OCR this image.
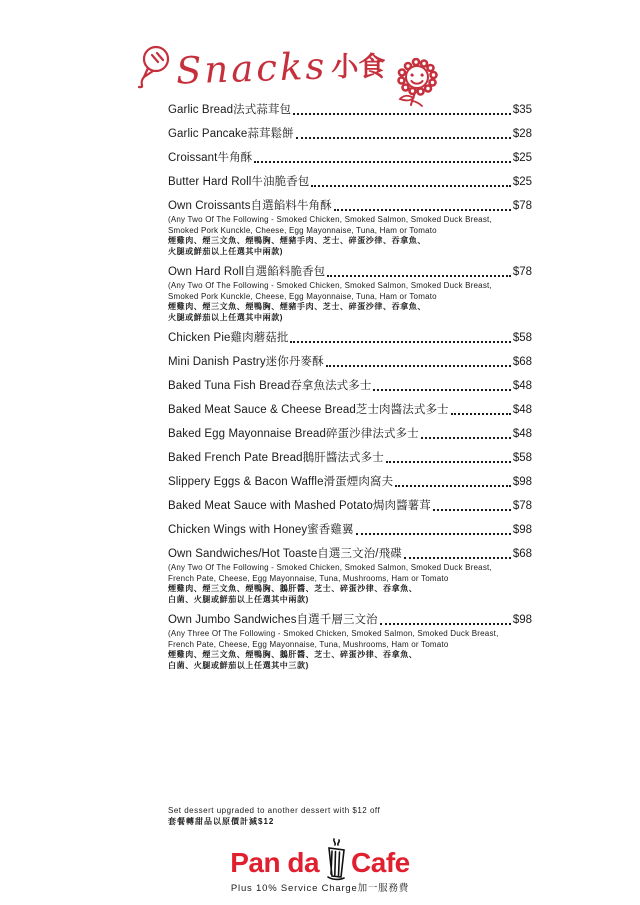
Snacks 小食
Garlic Bread法式蒜茸包	$35
Garlic Pancake蒜茸鬆餅	$28
Croissant牛角酥	$25
Butter Hard Roll牛油脆香包	$25
Own Croissants自選餡料牛角酥	$78
(Any Two Of The Following - Smoked Chicken, Smoked Salmon, Smoked Duck Breast,
Smoked Pork Kunckle, Cheese, Egg Mayonnaise, Tuna, Ham or Tomato
煙雞肉、煙三文魚、煙鴨胸、煙豬手肉、芝士、碎蛋沙律、吞拿魚、
火腿或鮮茄以上任選其中兩款)
Own Hard Roll自選餡料脆香包	$78
(Any Two Of The Following - Smoked Chicken, Smoked Salmon, Smoked Duck Breast,
Smoked Pork Kunckle, Cheese, Egg Mayonnaise, Tuna, Ham or Tomato
煙雞肉、煙三文魚、煙鴨胸、煙豬手肉、芝士、碎蛋沙律、吞拿魚、
火腿或鮮茄以上任選其中兩款)
Chicken Pie雞肉蘑菇批	$58
Mini Danish Pastry迷你丹麥酥	$68
Baked Tuna Fish Bread吞拿魚法式多士	$48
Baked Meat Sauce & Cheese Bread芝士肉醬法式多士	$48
Baked Egg Mayonnaise Bread碎蛋沙律法式多士	$48
Baked French Pate Bread鵝肝醬法式多士	$58
Slippery Eggs & Bacon Waffle滑蛋煙肉窩夫	$98
Baked Meat Sauce with Mashed Potato焗肉醬薯茸	$78
Chicken Wings with Honey蜜香雞翼	$98
Own Sandwiches/Hot Toaste自選三文治/飛碟	$68
(Any Two Of The Following - Smoked Chicken, Smoked Salmon, Smoked Duck Breast,
French Pate, Cheese, Egg Mayonnaise, Tuna, Mushrooms, Ham or Tomato
煙雞肉、煙三文魚、煙鴨胸、鵝肝醬、芝士、碎蛋沙律、吞拿魚、
白菌、火腿或鮮茄以上任選其中兩款)
Own Jumbo Sandwiches自選千層三文治	$98
(Any Three Of The Following - Smoked Chicken, Smoked Salmon, Smoked Duck Breast,
French Pate, Cheese, Egg Mayonnaise, Tuna, Mushrooms, Ham or Tomato
煙雞肉、煙三文魚、煙鴨胸、鵝肝醬、芝士、碎蛋沙律、吞拿魚、
白菌、火腿或鮮茄以上任選其中三款)
Set dessert upgraded to another dessert with $12 off
套餐轉甜品以原價計減$12
Pan da Cafe
Plus 10% Service Charge加一服務費
